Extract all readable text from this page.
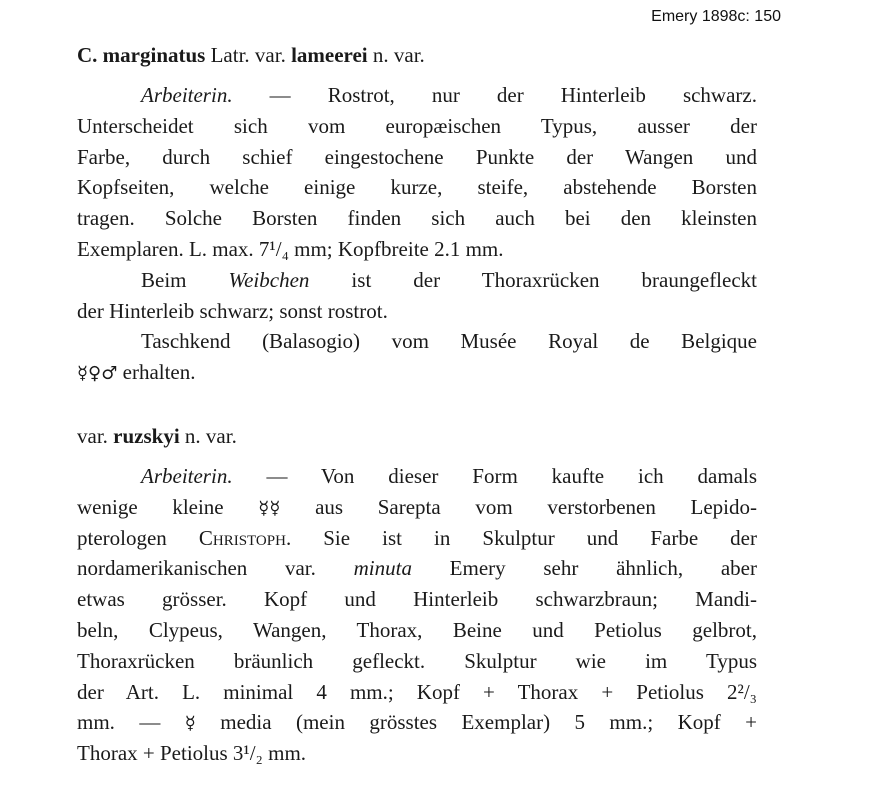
Emery 1898c: 150

C. marginatus Latr. var. lameerei n. var.

Arbeiterin. — Rostrot, nur der Hinterleib schwarz.
Unterscheidet sich vom europæischen Typus, ausser der
Farbe, durch schief eingestochene Punkte der Wangen und
Kopfseiten, welche einige kurze, steife, abstehende Borsten
tragen. Solche Borsten finden sich auch bei den kleinsten
Exemplaren. L. max. 7¹/₄ mm; Kopfbreite 2.1 mm.
Beim Weibchen ist der Thoraxrücken braungefleckt
der Hinterleib schwarz; sonst rostrot.
Taschkend (Balasogio) vom Musée Royal de Belgique
☿♀♂ erhalten.

var. ruzskyi n. var.

Arbeiterin. — Von dieser Form kaufte ich damals
wenige kleine ☿☿ aus Sarepta vom verstorbenen Lepido-
pterologen Christoph. Sie ist in Skulptur und Farbe der
nordamerikanischen var. minuta Emery sehr ähnlich, aber
etwas grösser. Kopf und Hinterleib schwarzbraun; Mandi-
beln, Clypeus, Wangen, Thorax, Beine und Petiolus gelbrot,
Thoraxrücken bräunlich gefleckt. Skulptur wie im Typus
der Art. L. minimal 4 mm.; Kopf + Thorax + Petiolus 2²/₃
mm. — ☿ media (mein grösstes Exemplar) 5 mm.; Kopf +
Thorax + Petiolus 3¹/₂ mm.
